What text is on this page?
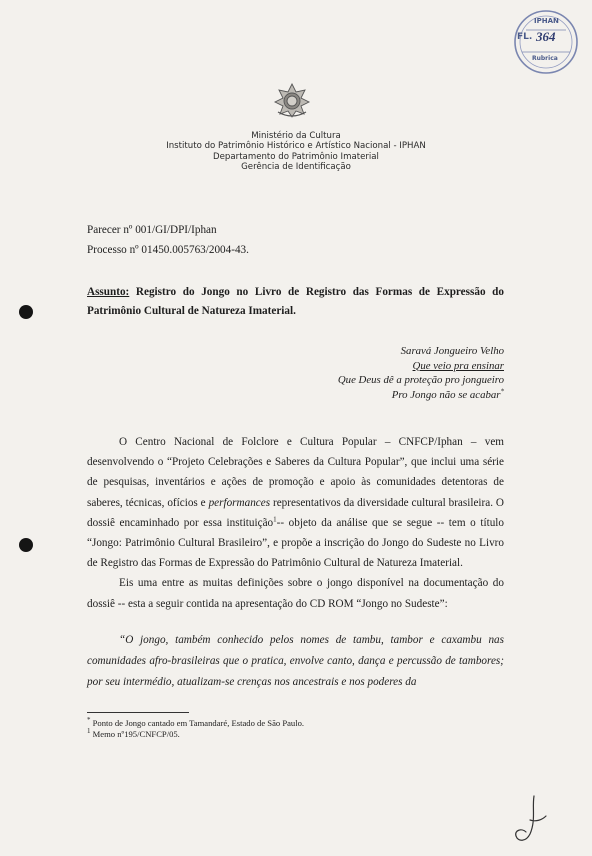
IPHAN
FL. 364
Rubrica
Ministério da Cultura
Instituto do Patrimônio Histórico e Artístico Nacional - IPHAN
Departamento do Patrimônio Imaterial
Gerência de Identificação
Parecer nº 001/GI/DPI/Iphan
Processo nº 01450.005763/2004-43.
Assunto: Registro do Jongo no Livro de Registro das Formas de Expressão do Patrimônio Cultural de Natureza Imaterial.
Saravá Jongueiro Velho
Que veio pra ensinar
Que Deus dê a proteção pro jongueiro
Pro Jongo não se acabar*

O Centro Nacional de Folclore e Cultura Popular – CNFCP/Iphan – vem desenvolvendo o “Projeto Celebrações e Saberes da Cultura Popular”, que inclui uma série de pesquisas, inventários e ações de promoção e apoio às comunidades detentoras de saberes, técnicas, ofícios e performances representativos da diversidade cultural brasileira. O dossiê encaminhado por essa instituição$^1$-- objeto da análise que se segue -- tem o título “Jongo: Patrimônio Cultural Brasileiro”, e propõe a inscrição do Jongo do Sudeste no Livro de Registro das Formas de Expressão do Patrimônio Cultural de Natureza Imaterial.

Eis uma entre as muitas definições sobre o jongo disponível na documentação do dossiê -- esta a seguir contida na apresentação do CD ROM “Jongo no Sudeste”:

“O jongo, também conhecido pelos nomes de tambu, tambor e caxambu nas comunidades afro-brasileiras que o pratica, envolve canto, dança e percussão de tambores; por seu intermédio, atualizam-se crenças nos ancestrais e nos poderes da
* Ponto de Jongo cantado em Tamandaré, Estado de São Paulo.
$^1$ Memo nº195/CNFCP/05.
